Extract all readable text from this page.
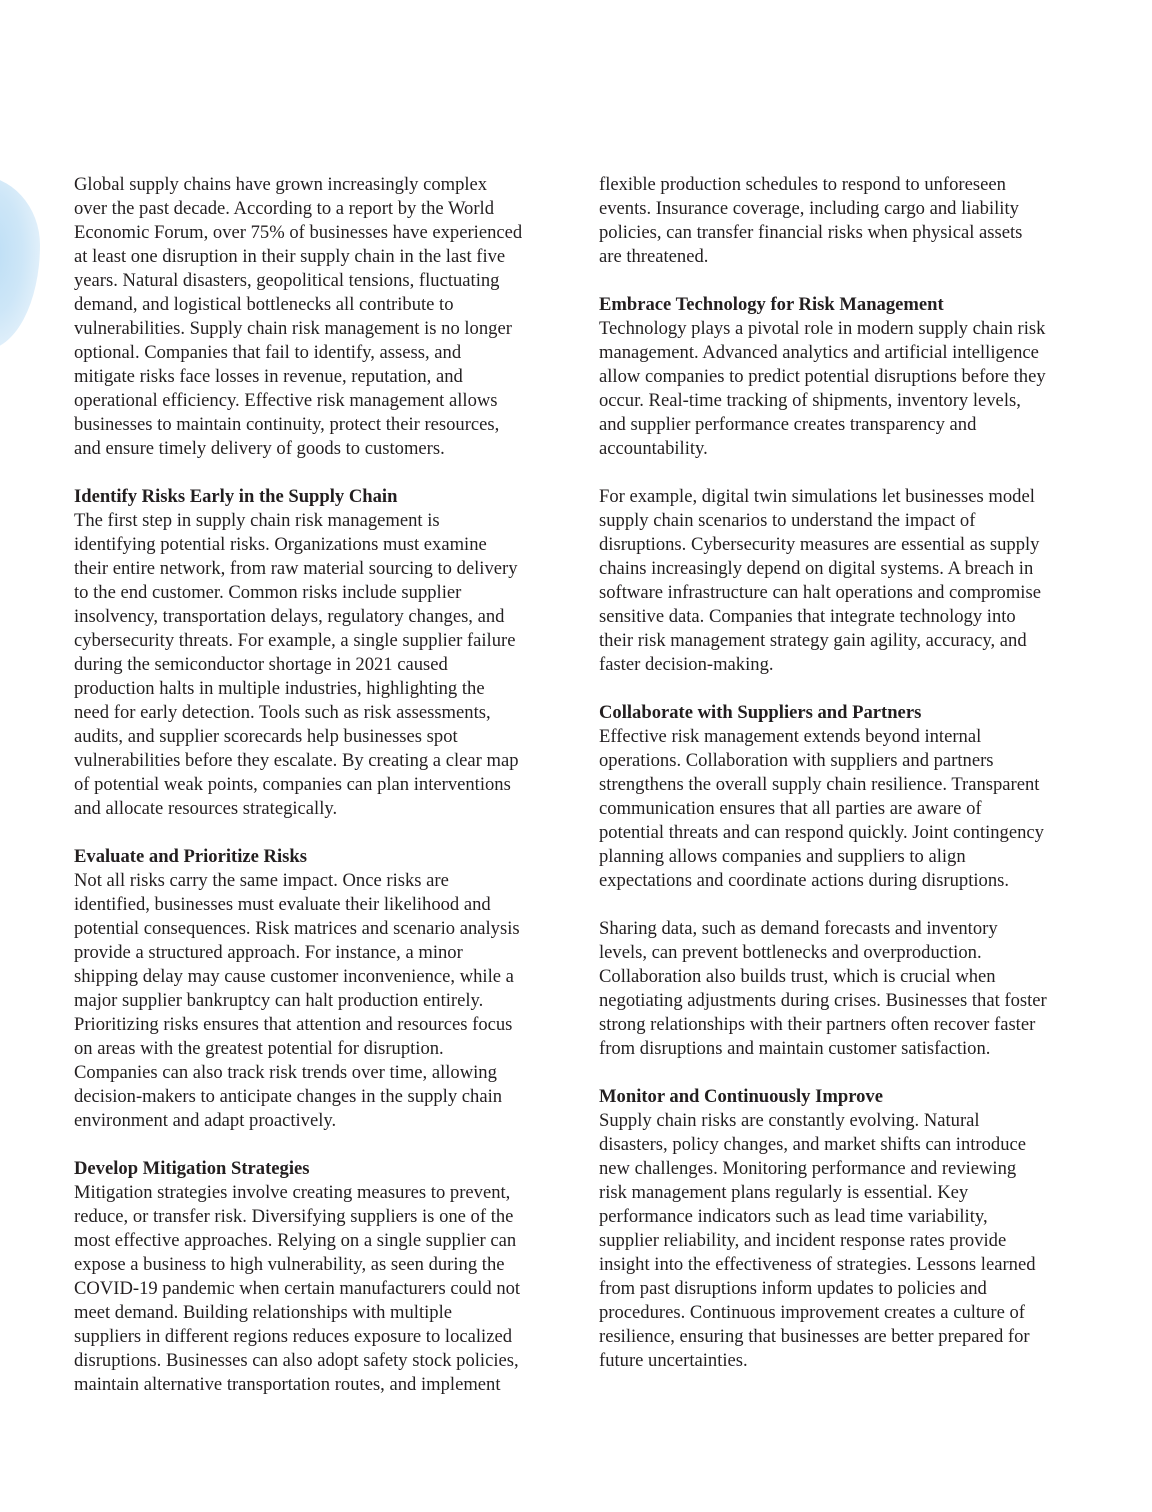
Global supply chains have grown increasingly complex
over the past decade. According to a report by the World
Economic Forum, over 75% of businesses have experienced
at least one disruption in their supply chain in the last five
years. Natural disasters, geopolitical tensions, fluctuating
demand, and logistical bottlenecks all contribute to
vulnerabilities. Supply chain risk management is no longer
optional. Companies that fail to identify, assess, and
mitigate risks face losses in revenue, reputation, and
operational efficiency. Effective risk management allows
businesses to maintain continuity, protect their resources,
and ensure timely delivery of goods to customers.
Identify Risks Early in the Supply Chain
The first step in supply chain risk management is
identifying potential risks. Organizations must examine
their entire network, from raw material sourcing to delivery
to the end customer. Common risks include supplier
insolvency, transportation delays, regulatory changes, and
cybersecurity threats. For example, a single supplier failure
during the semiconductor shortage in 2021 caused
production halts in multiple industries, highlighting the
need for early detection. Tools such as risk assessments,
audits, and supplier scorecards help businesses spot
vulnerabilities before they escalate. By creating a clear map
of potential weak points, companies can plan interventions
and allocate resources strategically.
Evaluate and Prioritize Risks
Not all risks carry the same impact. Once risks are
identified, businesses must evaluate their likelihood and
potential consequences. Risk matrices and scenario analysis
provide a structured approach. For instance, a minor
shipping delay may cause customer inconvenience, while a
major supplier bankruptcy can halt production entirely.
Prioritizing risks ensures that attention and resources focus
on areas with the greatest potential for disruption.
Companies can also track risk trends over time, allowing
decision-makers to anticipate changes in the supply chain
environment and adapt proactively.
Develop Mitigation Strategies
Mitigation strategies involve creating measures to prevent,
reduce, or transfer risk. Diversifying suppliers is one of the
most effective approaches. Relying on a single supplier can
expose a business to high vulnerability, as seen during the
COVID-19 pandemic when certain manufacturers could not
meet demand. Building relationships with multiple
suppliers in different regions reduces exposure to localized
disruptions. Businesses can also adopt safety stock policies,
maintain alternative transportation routes, and implement
flexible production schedules to respond to unforeseen
events. Insurance coverage, including cargo and liability
policies, can transfer financial risks when physical assets
are threatened.
Embrace Technology for Risk Management
Technology plays a pivotal role in modern supply chain risk
management. Advanced analytics and artificial intelligence
allow companies to predict potential disruptions before they
occur. Real-time tracking of shipments, inventory levels,
and supplier performance creates transparency and
accountability.
For example, digital twin simulations let businesses model
supply chain scenarios to understand the impact of
disruptions. Cybersecurity measures are essential as supply
chains increasingly depend on digital systems. A breach in
software infrastructure can halt operations and compromise
sensitive data. Companies that integrate technology into
their risk management strategy gain agility, accuracy, and
faster decision-making.
Collaborate with Suppliers and Partners
Effective risk management extends beyond internal
operations. Collaboration with suppliers and partners
strengthens the overall supply chain resilience. Transparent
communication ensures that all parties are aware of
potential threats and can respond quickly. Joint contingency
planning allows companies and suppliers to align
expectations and coordinate actions during disruptions.
Sharing data, such as demand forecasts and inventory
levels, can prevent bottlenecks and overproduction.
Collaboration also builds trust, which is crucial when
negotiating adjustments during crises. Businesses that foster
strong relationships with their partners often recover faster
from disruptions and maintain customer satisfaction.
Monitor and Continuously Improve
Supply chain risks are constantly evolving. Natural
disasters, policy changes, and market shifts can introduce
new challenges. Monitoring performance and reviewing
risk management plans regularly is essential. Key
performance indicators such as lead time variability,
supplier reliability, and incident response rates provide
insight into the effectiveness of strategies. Lessons learned
from past disruptions inform updates to policies and
procedures. Continuous improvement creates a culture of
resilience, ensuring that businesses are better prepared for
future uncertainties.
